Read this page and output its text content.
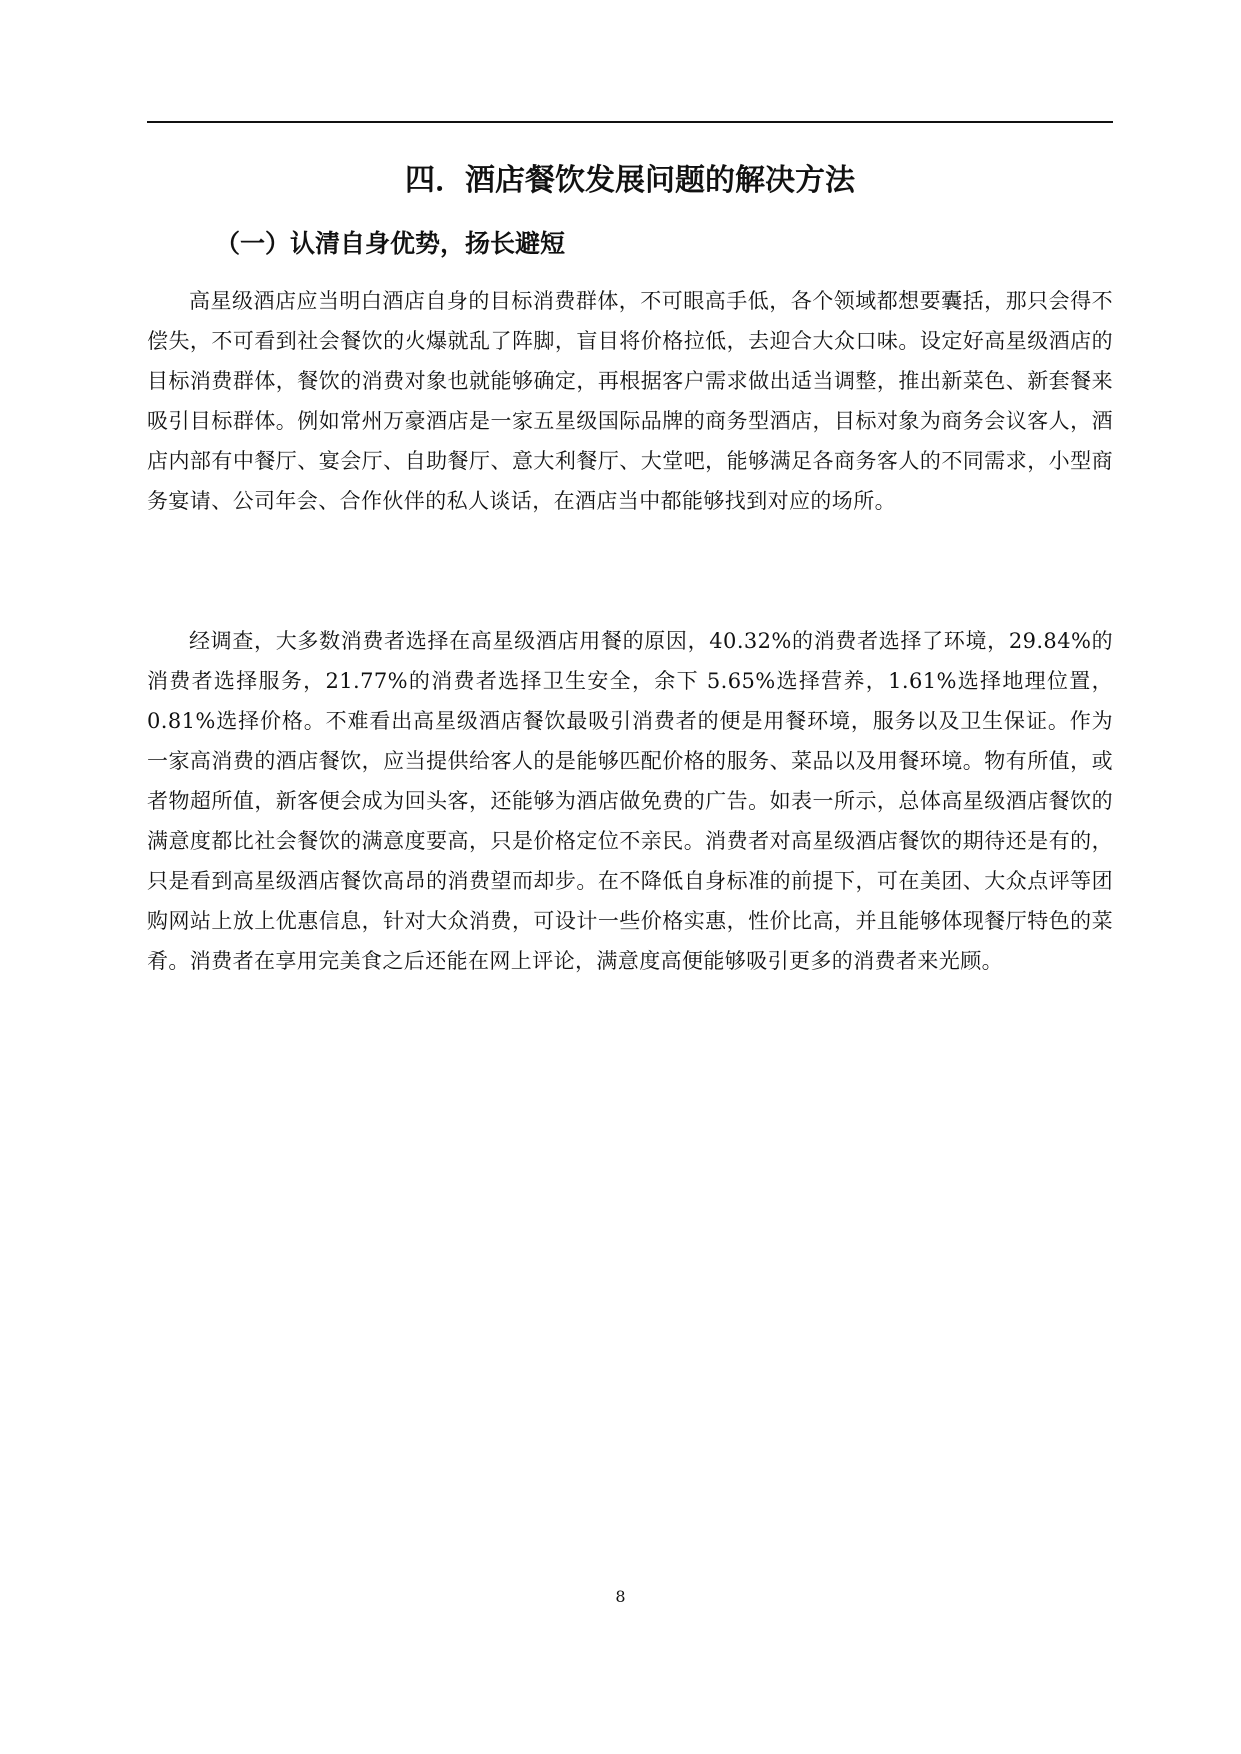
四．酒店餐饮发展问题的解决方法
（一）认清自身优势，扬长避短

高星级酒店应当明白酒店自身的目标消费群体，不可眼高手低，各个领域都想要囊括，那只会得不偿失，不可看到社会餐饮的火爆就乱了阵脚，盲目将价格拉低，去迎合大众口味。设定好高星级酒店的目标消费群体，餐饮的消费对象也就能够确定，再根据客户需求做出适当调整，推出新菜色、新套餐来吸引目标群体。例如常州万豪酒店是一家五星级国际品牌的商务型酒店，目标对象为商务会议客人，酒店内部有中餐厅、宴会厅、自助餐厅、意大利餐厅、大堂吧，能够满足各商务客人的不同需求，小型商务宴请、公司年会、合作伙伴的私人谈话，在酒店当中都能够找到对应的场所。

经调查，大多数消费者选择在高星级酒店用餐的原因，40.32%的消费者选择了环境，29.84%的消费者选择服务，21.77%的消费者选择卫生安全，余下 5.65%选择营养，1.61%选择地理位置，0.81%选择价格。不难看出高星级酒店餐饮最吸引消费者的便是用餐环境，服务以及卫生保证。作为一家高消费的酒店餐饮，应当提供给客人的是能够匹配价格的服务、菜品以及用餐环境。物有所值，或者物超所值，新客便会成为回头客，还能够为酒店做免费的广告。如表一所示，总体高星级酒店餐饮的满意度都比社会餐饮的满意度要高，只是价格定位不亲民。消费者对高星级酒店餐饮的期待还是有的，只是看到高星级酒店餐饮高昂的消费望而却步。在不降低自身标准的前提下，可在美团、大众点评等团购网站上放上优惠信息，针对大众消费，可设计一些价格实惠，性价比高，并且能够体现餐厅特色的菜肴。消费者在享用完美食之后还能在网上评论，满意度高便能够吸引更多的消费者来光顾。

8
